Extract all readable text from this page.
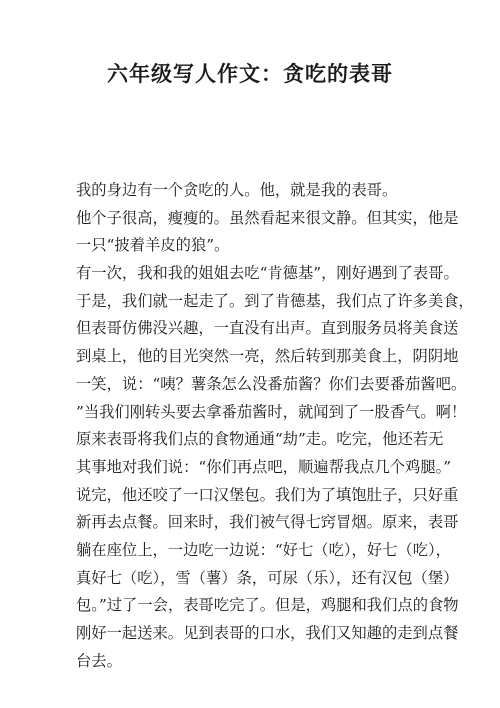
六年级写人作文：贪吃的表哥
我的身边有一个贪吃的人。他，就是我的表哥。
他个子很高，瘦瘦的。虽然看起来很文静。但其实，他是
一只“披着羊皮的狼”。
有一次，我和我的姐姐去吃“肯德基”，刚好遇到了表哥。
于是，我们就一起走了。到了肯德基，我们点了许多美食，
但表哥仿佛没兴趣，一直没有出声。直到服务员将美食送
到桌上，他的目光突然一亮，然后转到那美食上，阴阴地
一笑，说：“咦？薯条怎么没番茄酱？你们去要番茄酱吧。
”当我们刚转头要去拿番茄酱时，就闻到了一股香气。啊！
原来表哥将我们点的食物通通“劫”走。吃完，他还若无
其事地对我们说：“你们再点吧，顺遍帮我点几个鸡腿。”
说完，他还咬了一口汉堡包。我们为了填饱肚子，只好重
新再去点餐。回来时，我们被气得七窍冒烟。原来，表哥
躺在座位上，一边吃一边说：“好七（吃），好七（吃），
真好七（吃），雪（薯）条，可尿（乐），还有汉包（堡）
包。”过了一会，表哥吃完了。但是，鸡腿和我们点的食物
刚好一起送来。见到表哥的口水，我们又知趣的走到点餐
台去。
